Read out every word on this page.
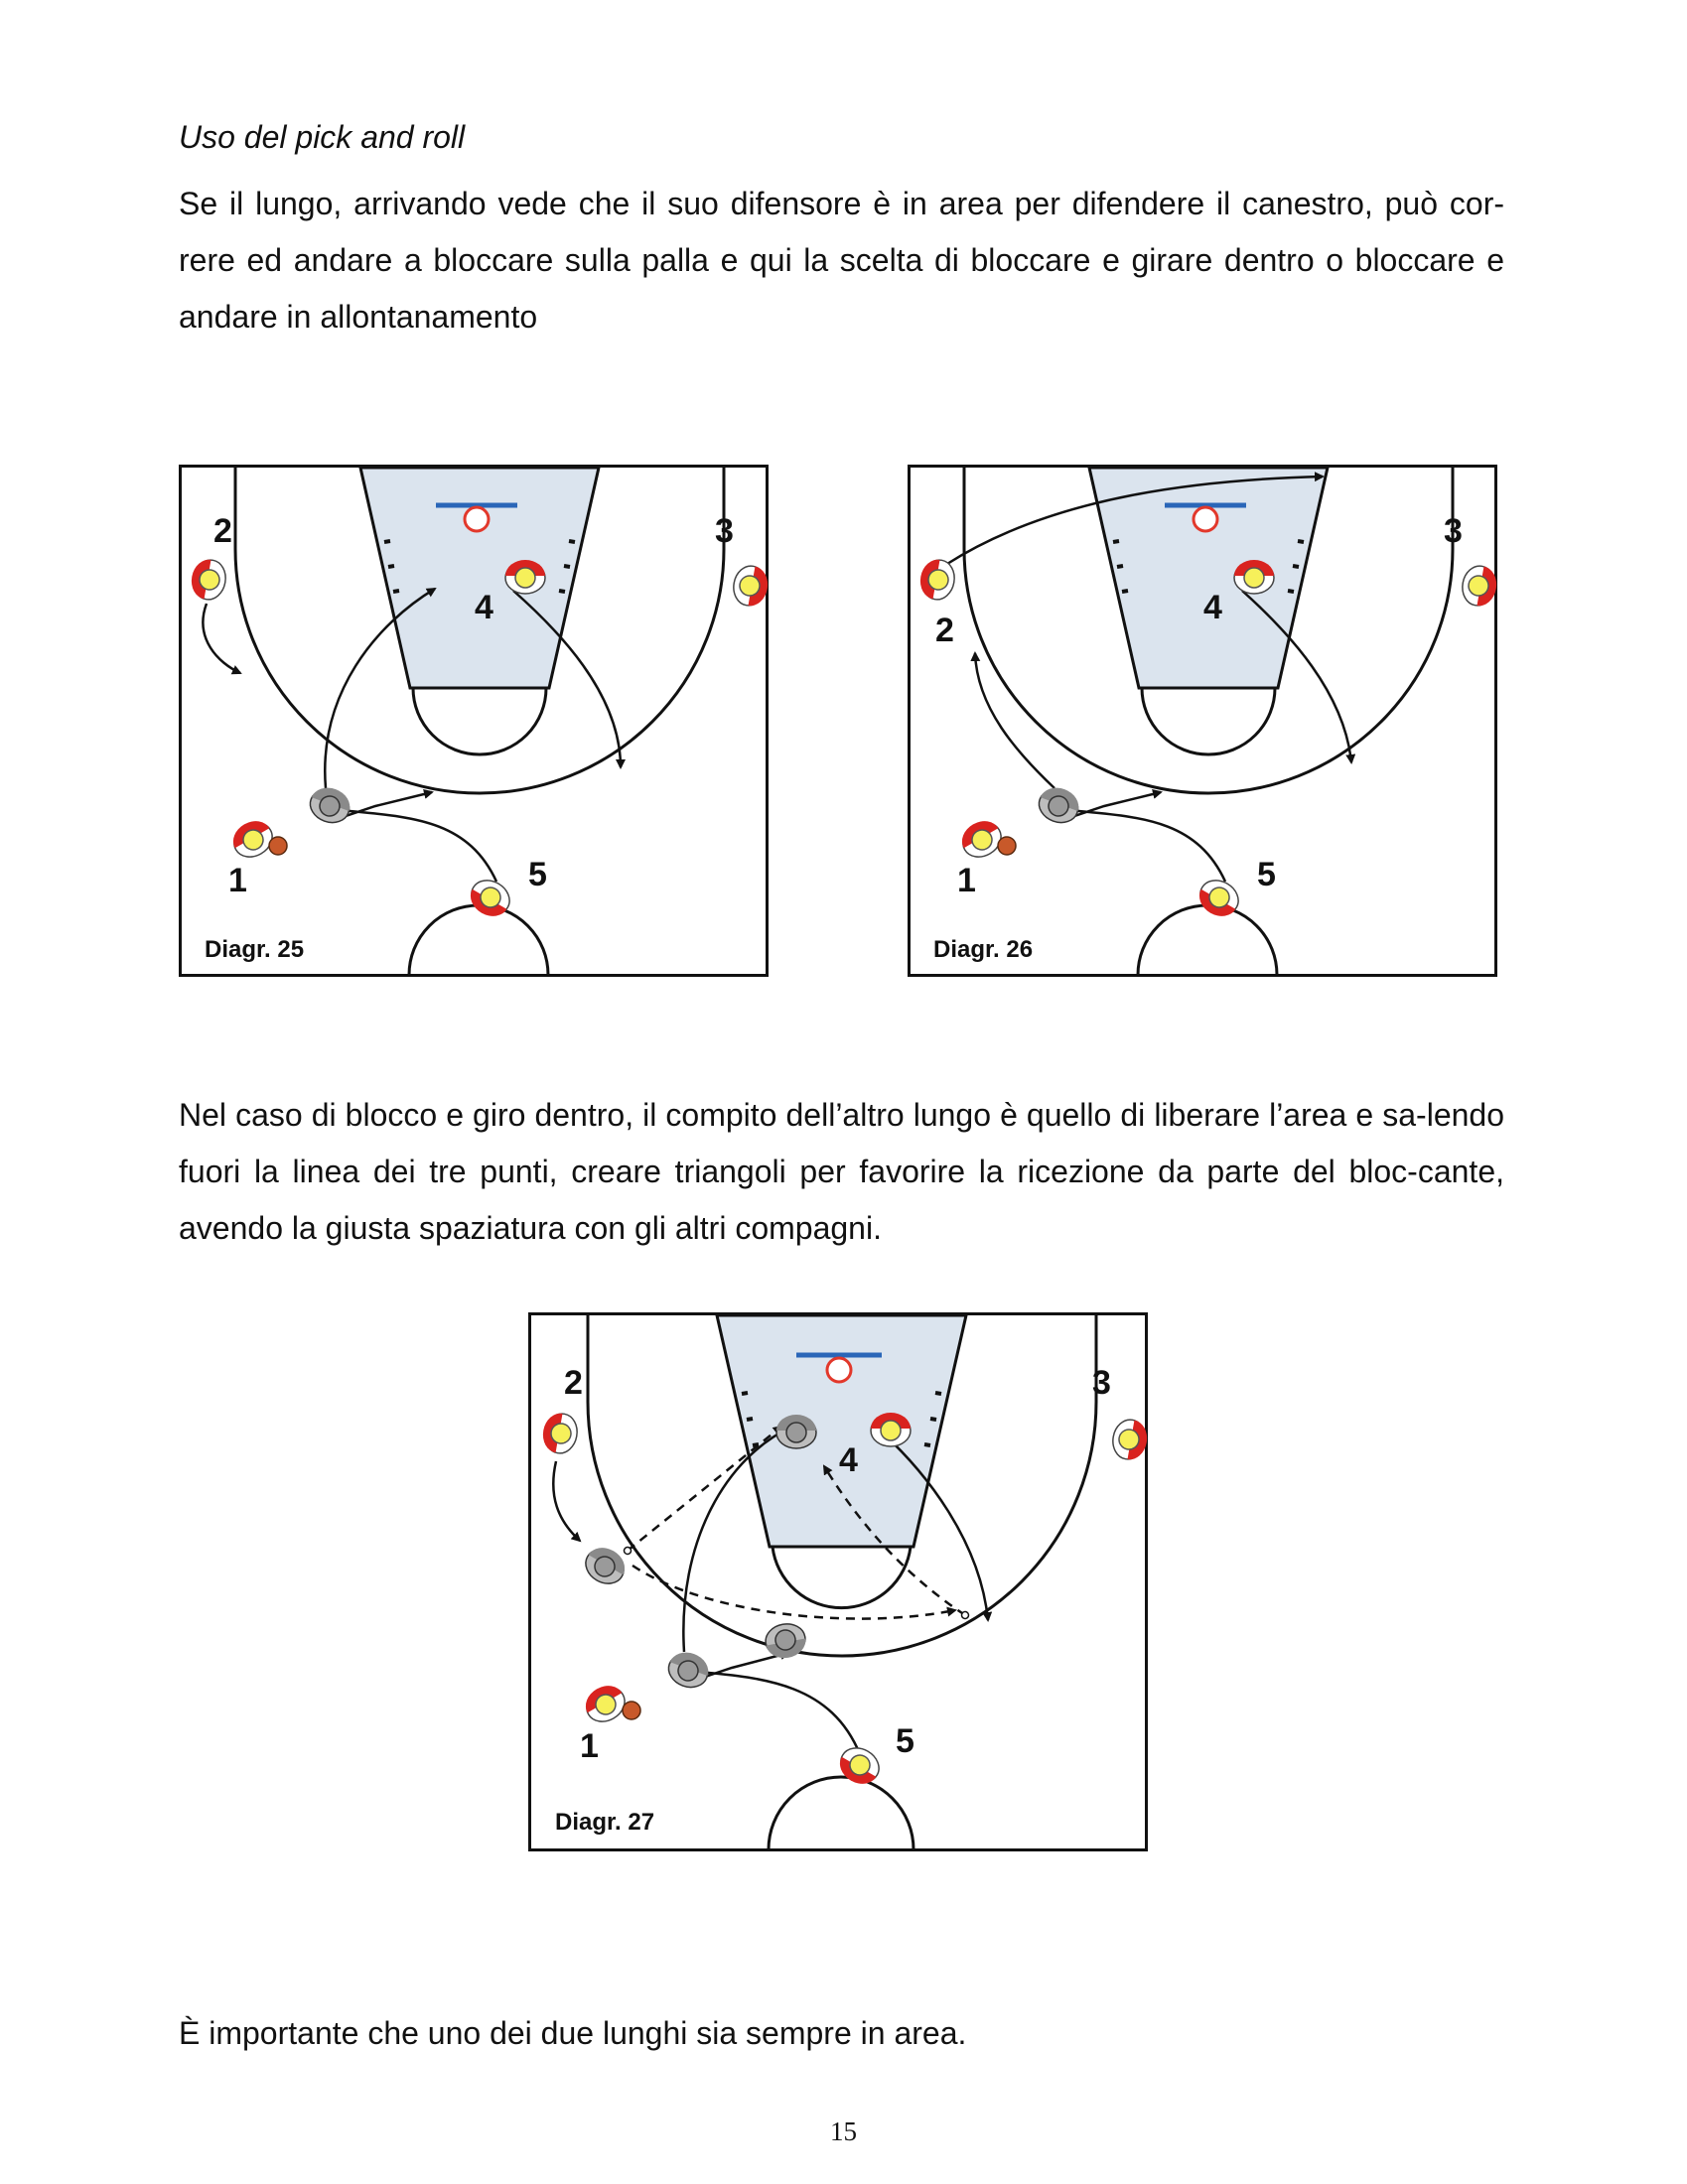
Uso del pick and roll

Se il lungo, arrivando vede che il suo difensore è in area per difendere il canestro, può cor-rere ed andare a bloccare sulla palla e qui la scelta di bloccare e girare dentro o bloccare e andare in allontanamento

2	3
4
1	5
Diagr. 25
3
4
2
1	5
Diagr. 26

Nel caso di blocco e giro dentro, il compito dell’altro lungo è quello di liberare l’area e sa-lendo fuori la linea dei tre punti, creare triangoli per favorire la ricezione da parte del bloc-cante, avendo la giusta spaziatura con gli altri compagni.

2	3
4
1	5
Diagr. 27

È importante che uno dei due lunghi sia sempre in area.

15
